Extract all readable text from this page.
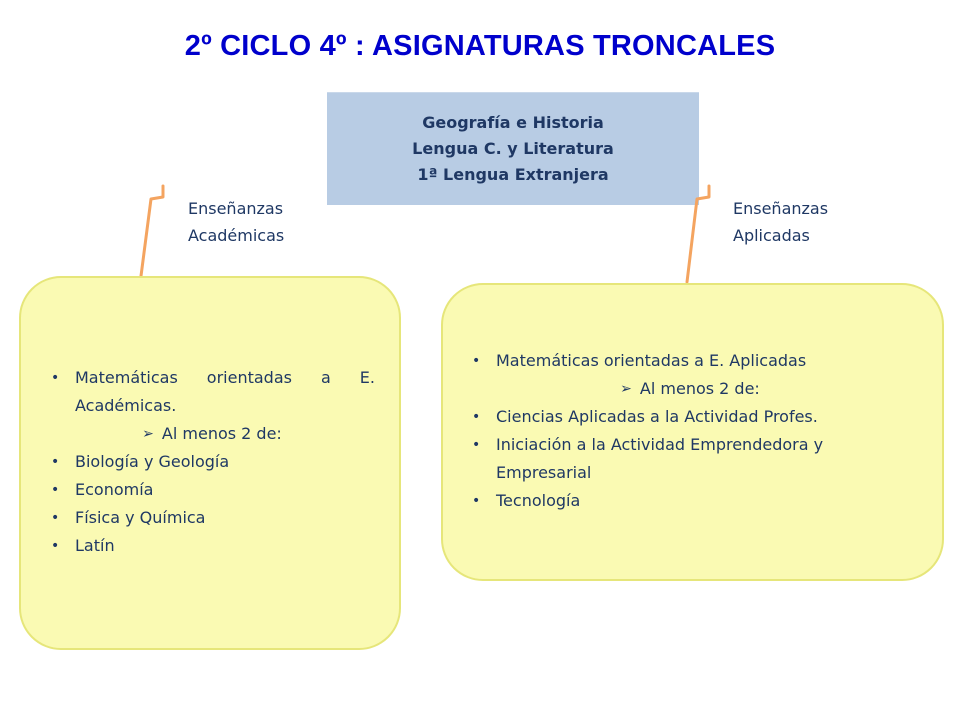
2º CICLO 4º : ASIGNATURAS TRONCALES
Geografía e Historia
Lengua C. y Literatura
1ª Lengua Extranjera
Enseñanzas
Académicas
Enseñanzas
Aplicadas
• Matemáticas orientadas a E. Académicas.
➢ Al menos 2 de:
• Biología y Geología
• Economía
• Física y Química
• Latín
• Matemáticas orientadas a E. Aplicadas
➢ Al menos 2 de:
• Ciencias Aplicadas a la Actividad Profes.
• Iniciación a la Actividad Emprendedora y Empresarial
• Tecnología
